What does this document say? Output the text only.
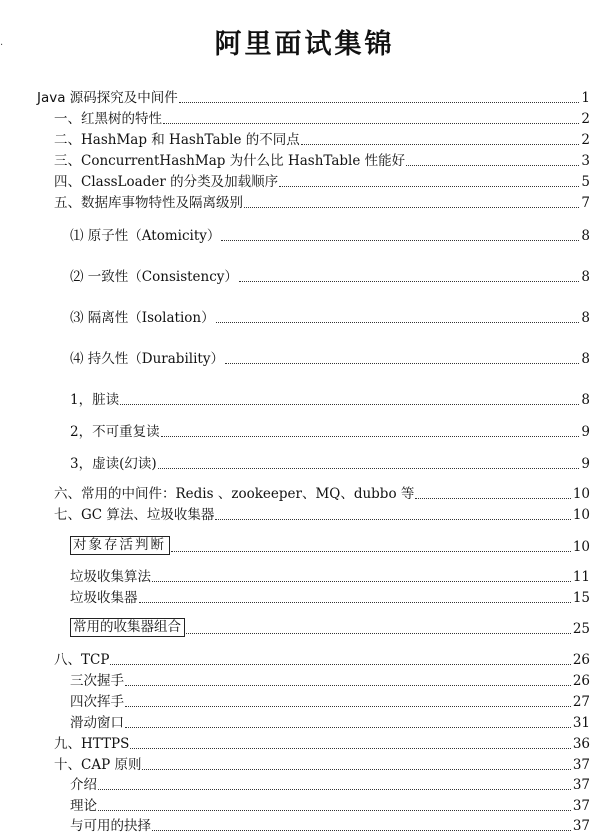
·	阿里面试集锦
Java 源码探究及中间件	1
一、红黑树的特性	2
二、HashMap 和 HashTable 的不同点	2
三、ConcurrentHashMap 为什么比 HashTable 性能好	3
四、ClassLoader 的分类及加载顺序	5
五、数据库事物特性及隔离级别	7
⑴ 原子性（Atomicity）	8
⑵ 一致性（Consistency）	8
⑶ 隔离性（Isolation）	8
⑷ 持久性（Durability）	8
1，脏读	8
2，不可重复读	9
3，虚读(幻读)	9
六、常用的中间件：Redis 、zookeeper、MQ、dubbo 等	10
七、GC 算法、垃圾收集器	10
对象存活判断	10
垃圾收集算法	11
垃圾收集器	15
常用的收集器组合	25
八、TCP	26
三次握手	26
四次挥手	27
滑动窗口	31
九、HTTPS	36
十、CAP 原则	37
介绍	37
理论	37
与可用的抉择	37
